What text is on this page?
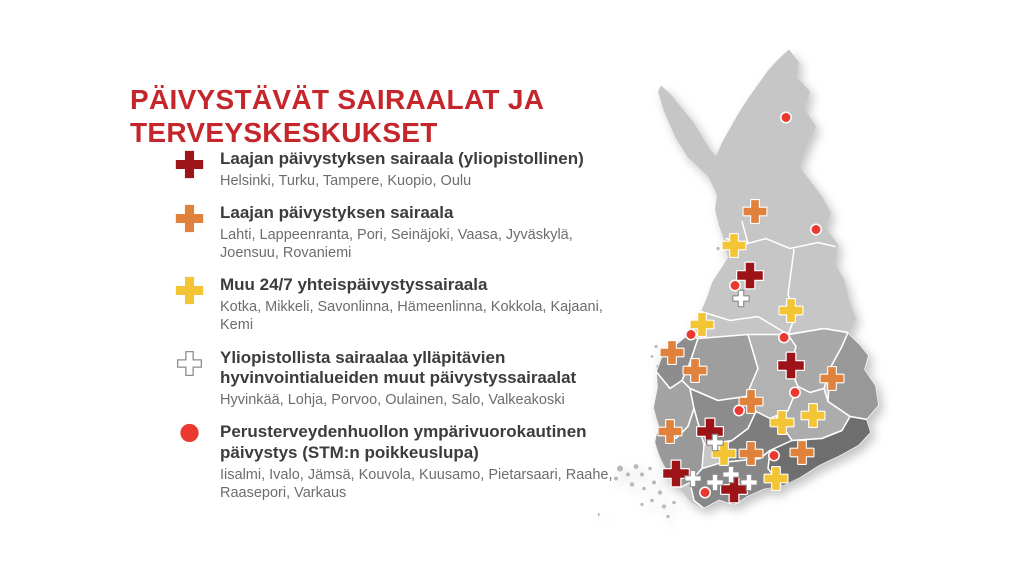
PÄIVYSTÄVÄT SAIRAALAT JA
TERVEYSKESKUKSET
Laajan päivystyksen sairaala (yliopistollinen)
Helsinki, Turku, Tampere, Kuopio, Oulu
Laajan päivystyksen sairaala
Lahti, Lappeenranta, Pori, Seinäjoki, Vaasa, Jyväskylä, Joensuu, Rovaniemi
Muu 24/7 yhteispäivystyssairaala
Kotka, Mikkeli, Savonlinna, Hämeenlinna, Kokkola, Kajaani, Kemi
Yliopistollista sairaalaa ylläpitävien hyvinvointialueiden muut päivystyssairaalat
Hyvinkää, Lohja, Porvoo, Oulainen, Salo, Valkeakoski
Perusterveydenhuollon ympärivuorokautinen päivystys (STM:n poikkeuslupa)
Iisalmi, Ivalo, Jämsä, Kouvola, Kuusamo, Pietarsaari, Raahe, Raasepori, Varkaus
